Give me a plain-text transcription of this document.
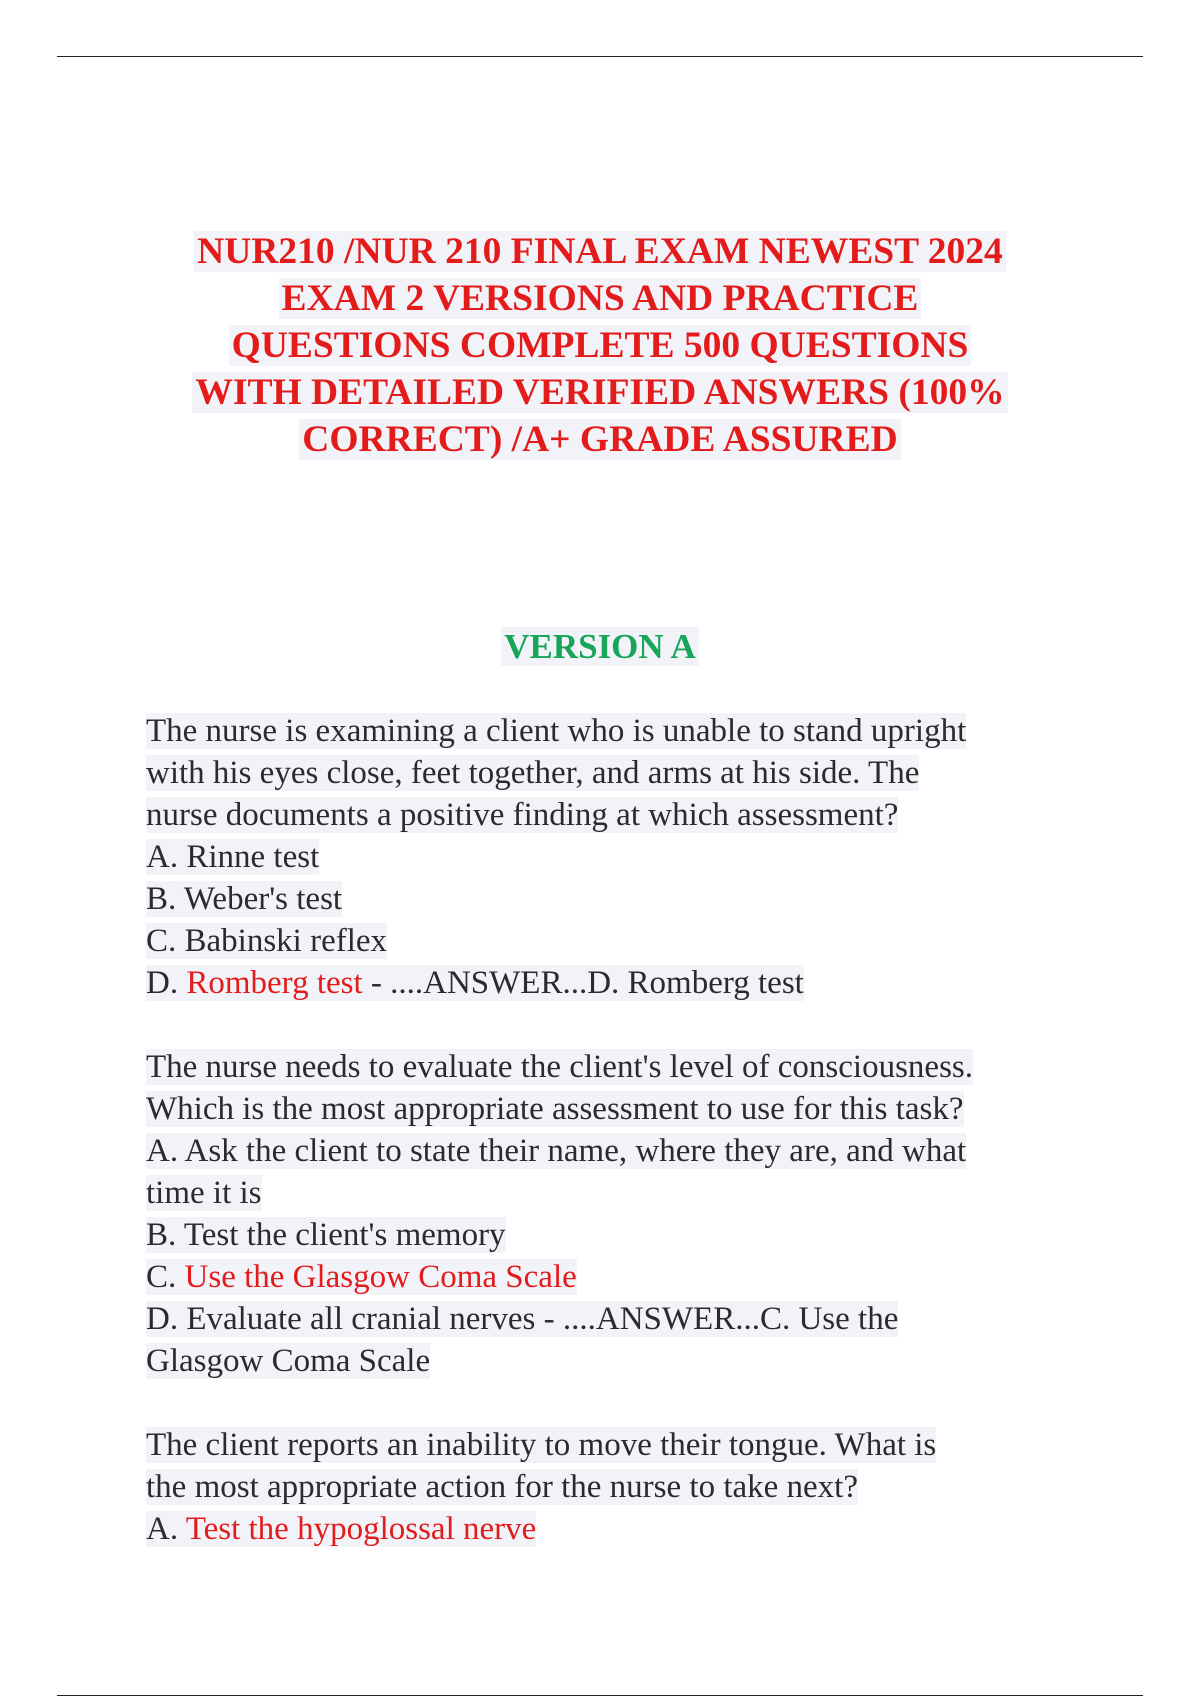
NUR210 /NUR 210 FINAL EXAM NEWEST 2024
EXAM 2 VERSIONS AND PRACTICE
QUESTIONS COMPLETE 500 QUESTIONS
WITH DETAILED VERIFIED ANSWERS (100%
CORRECT) /A+ GRADE ASSURED
VERSION A
The nurse is examining a client who is unable to stand upright
with his eyes close, feet together, and arms at his side. The
nurse documents a positive finding at which assessment?
A. Rinne test
B. Weber's test
C. Babinski reflex
D. Romberg test - ....ANSWER...D. Romberg test
The nurse needs to evaluate the client's level of consciousness.
Which is the most appropriate assessment to use for this task?
A. Ask the client to state their name, where they are, and what
time it is
B. Test the client's memory
C. Use the Glasgow Coma Scale
D. Evaluate all cranial nerves - ....ANSWER...C. Use the
Glasgow Coma Scale
The client reports an inability to move their tongue. What is
the most appropriate action for the nurse to take next?
A. Test the hypoglossal nerve
